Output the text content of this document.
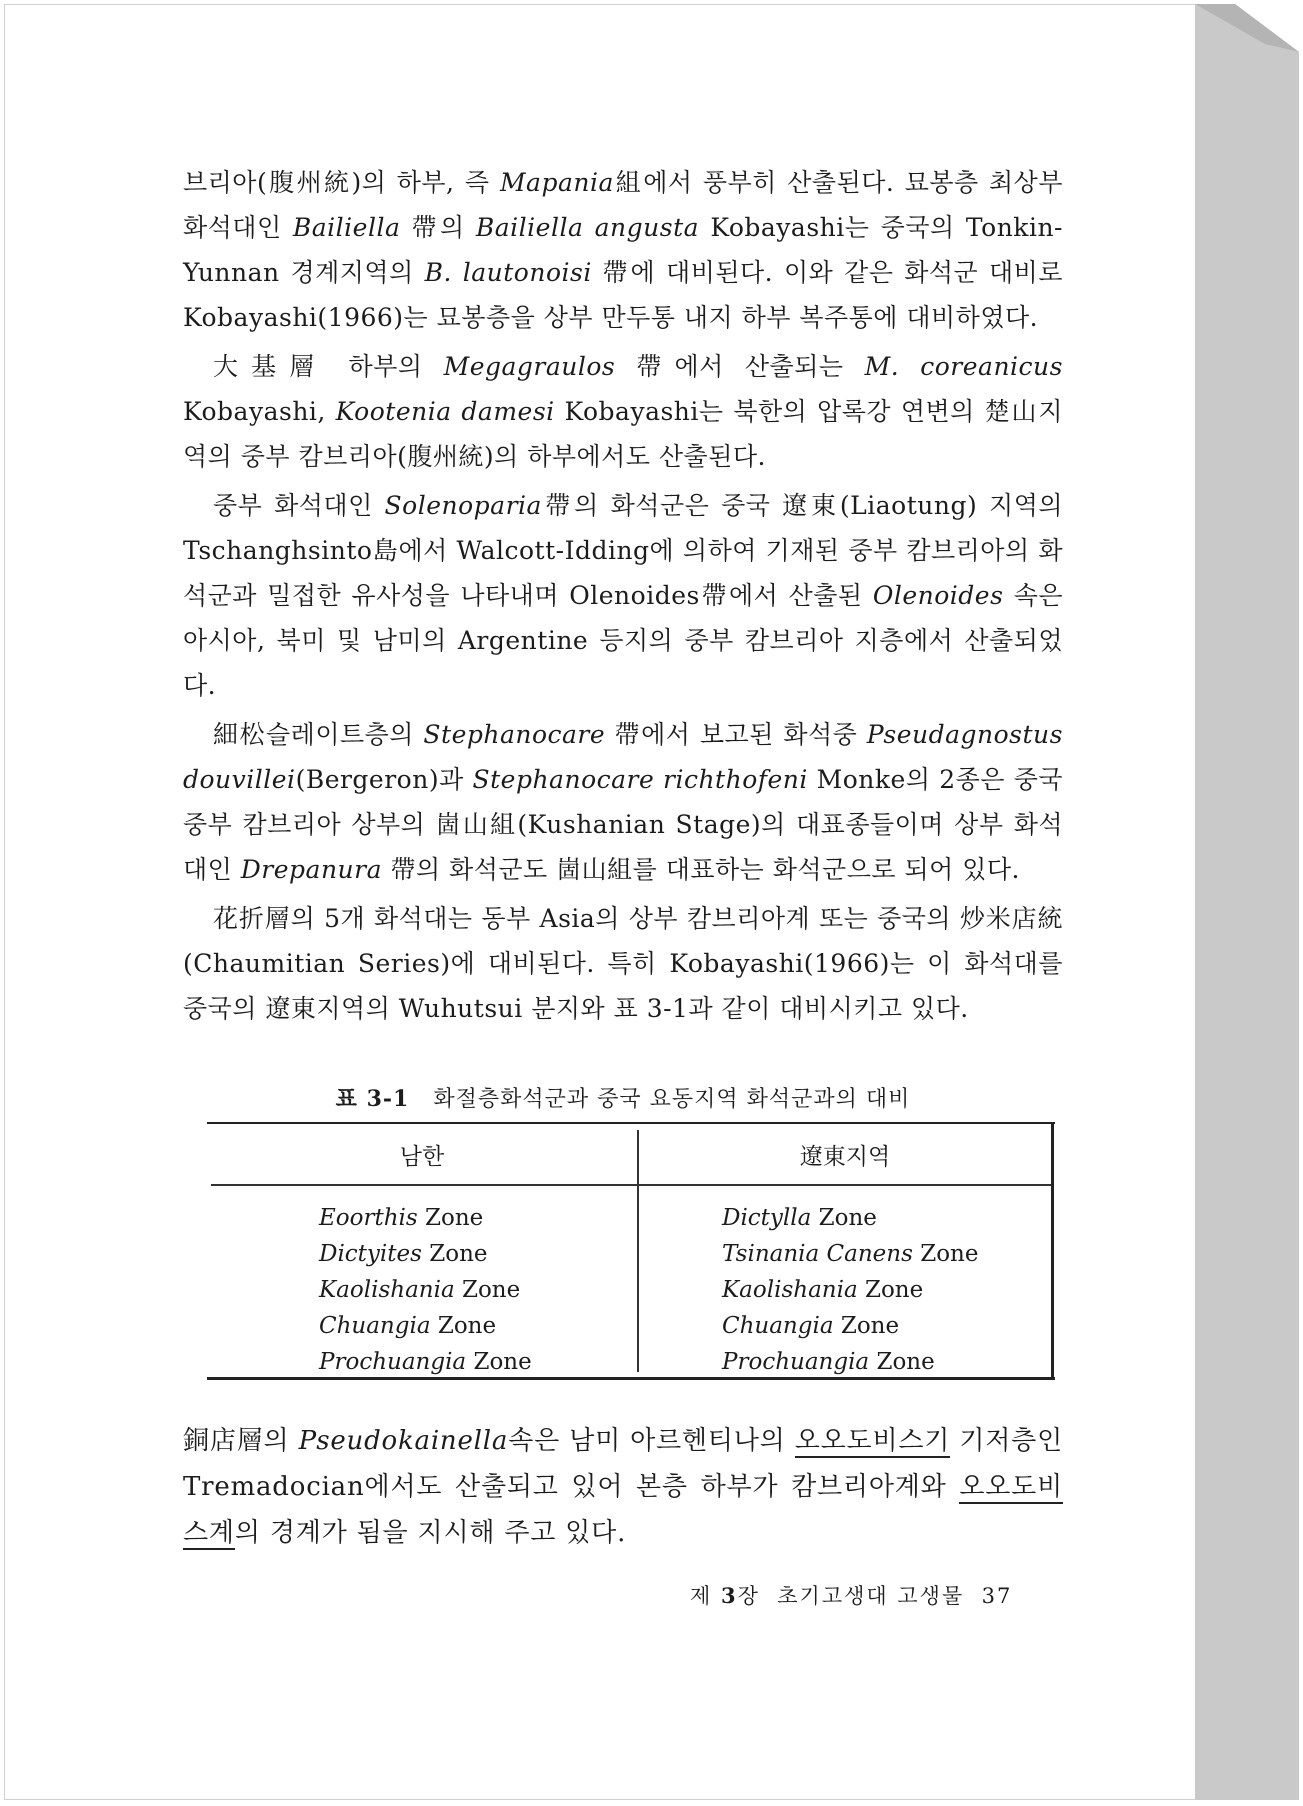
브리아(腹州統)의 하부, 즉 Mapania組에서 풍부히 산출된다. 묘봉층 최상부 화석대인 Bailiella 帶의 Bailiella angusta Kobayashi는 중국의 Tonkin-Yunnan 경계지역의 B. lautonoisi 帶에 대비된다. 이와 같은 화석군 대비로 Kobayashi(1966)는 묘봉층을 상부 만두통 내지 하부 복주통에 대비하였다.

大基層 하부의 Megagraulos 帶에서 산출되는 M. coreanicus Kobayashi, Kootenia damesi Kobayashi는 북한의 압록강 연변의 楚山지역의 중부 캄브리아(腹州統)의 하부에서도 산출된다.

중부 화석대인 Solenoparia帶의 화석군은 중국 遼東(Liaotung) 지역의 Tschanghsinto島에서 Walcott-Idding에 의하여 기재된 중부 캄브리아의 화석군과 밀접한 유사성을 나타내며 Olenoides帶에서 산출된 Olenoides 속은 아시아, 북미 및 남미의 Argentine 등지의 중부 캄브리아 지층에서 산출되었다.

細松슬레이트층의 Stephanocare 帶에서 보고된 화석중 Pseudagnostus douvillei(Bergeron)과 Stephanocare richthofeni Monke의 2종은 중국 중부 캄브리아 상부의 崮山組(Kushanian Stage)의 대표종들이며 상부 화석대인 Drepanura 帶의 화석군도 崮山組를 대표하는 화석군으로 되어 있다.

花折層의 5개 화석대는 동부 Asia의 상부 캄브리아계 또는 중국의 炒米店統(Chaumitian Series)에 대비된다. 특히 Kobayashi(1966)는 이 화석대를 중국의 遼東지역의 Wuhutsui 분지와 표 3-1과 같이 대비시키고 있다.

표 3-1 화절층화석군과 중국 요동지역 화석군과의 대비
남한	遼東지역
Eoorthis Zone
Dictyites Zone
Kaolishania Zone
Chuangia Zone
Prochuangia Zone
Dictylla Zone
Tsinania Canens Zone
Kaolishania Zone
Chuangia Zone
Prochuangia Zone

銅店層의 Pseudokainella속은 남미 아르헨티나의 오오도비스기 기저층인 Tremadocian에서도 산출되고 있어 본층 하부가 캄브리아계와 오오도비스계의 경계가 됨을 지시해 주고 있다.

제 3장 초기고생대 고생물 37
